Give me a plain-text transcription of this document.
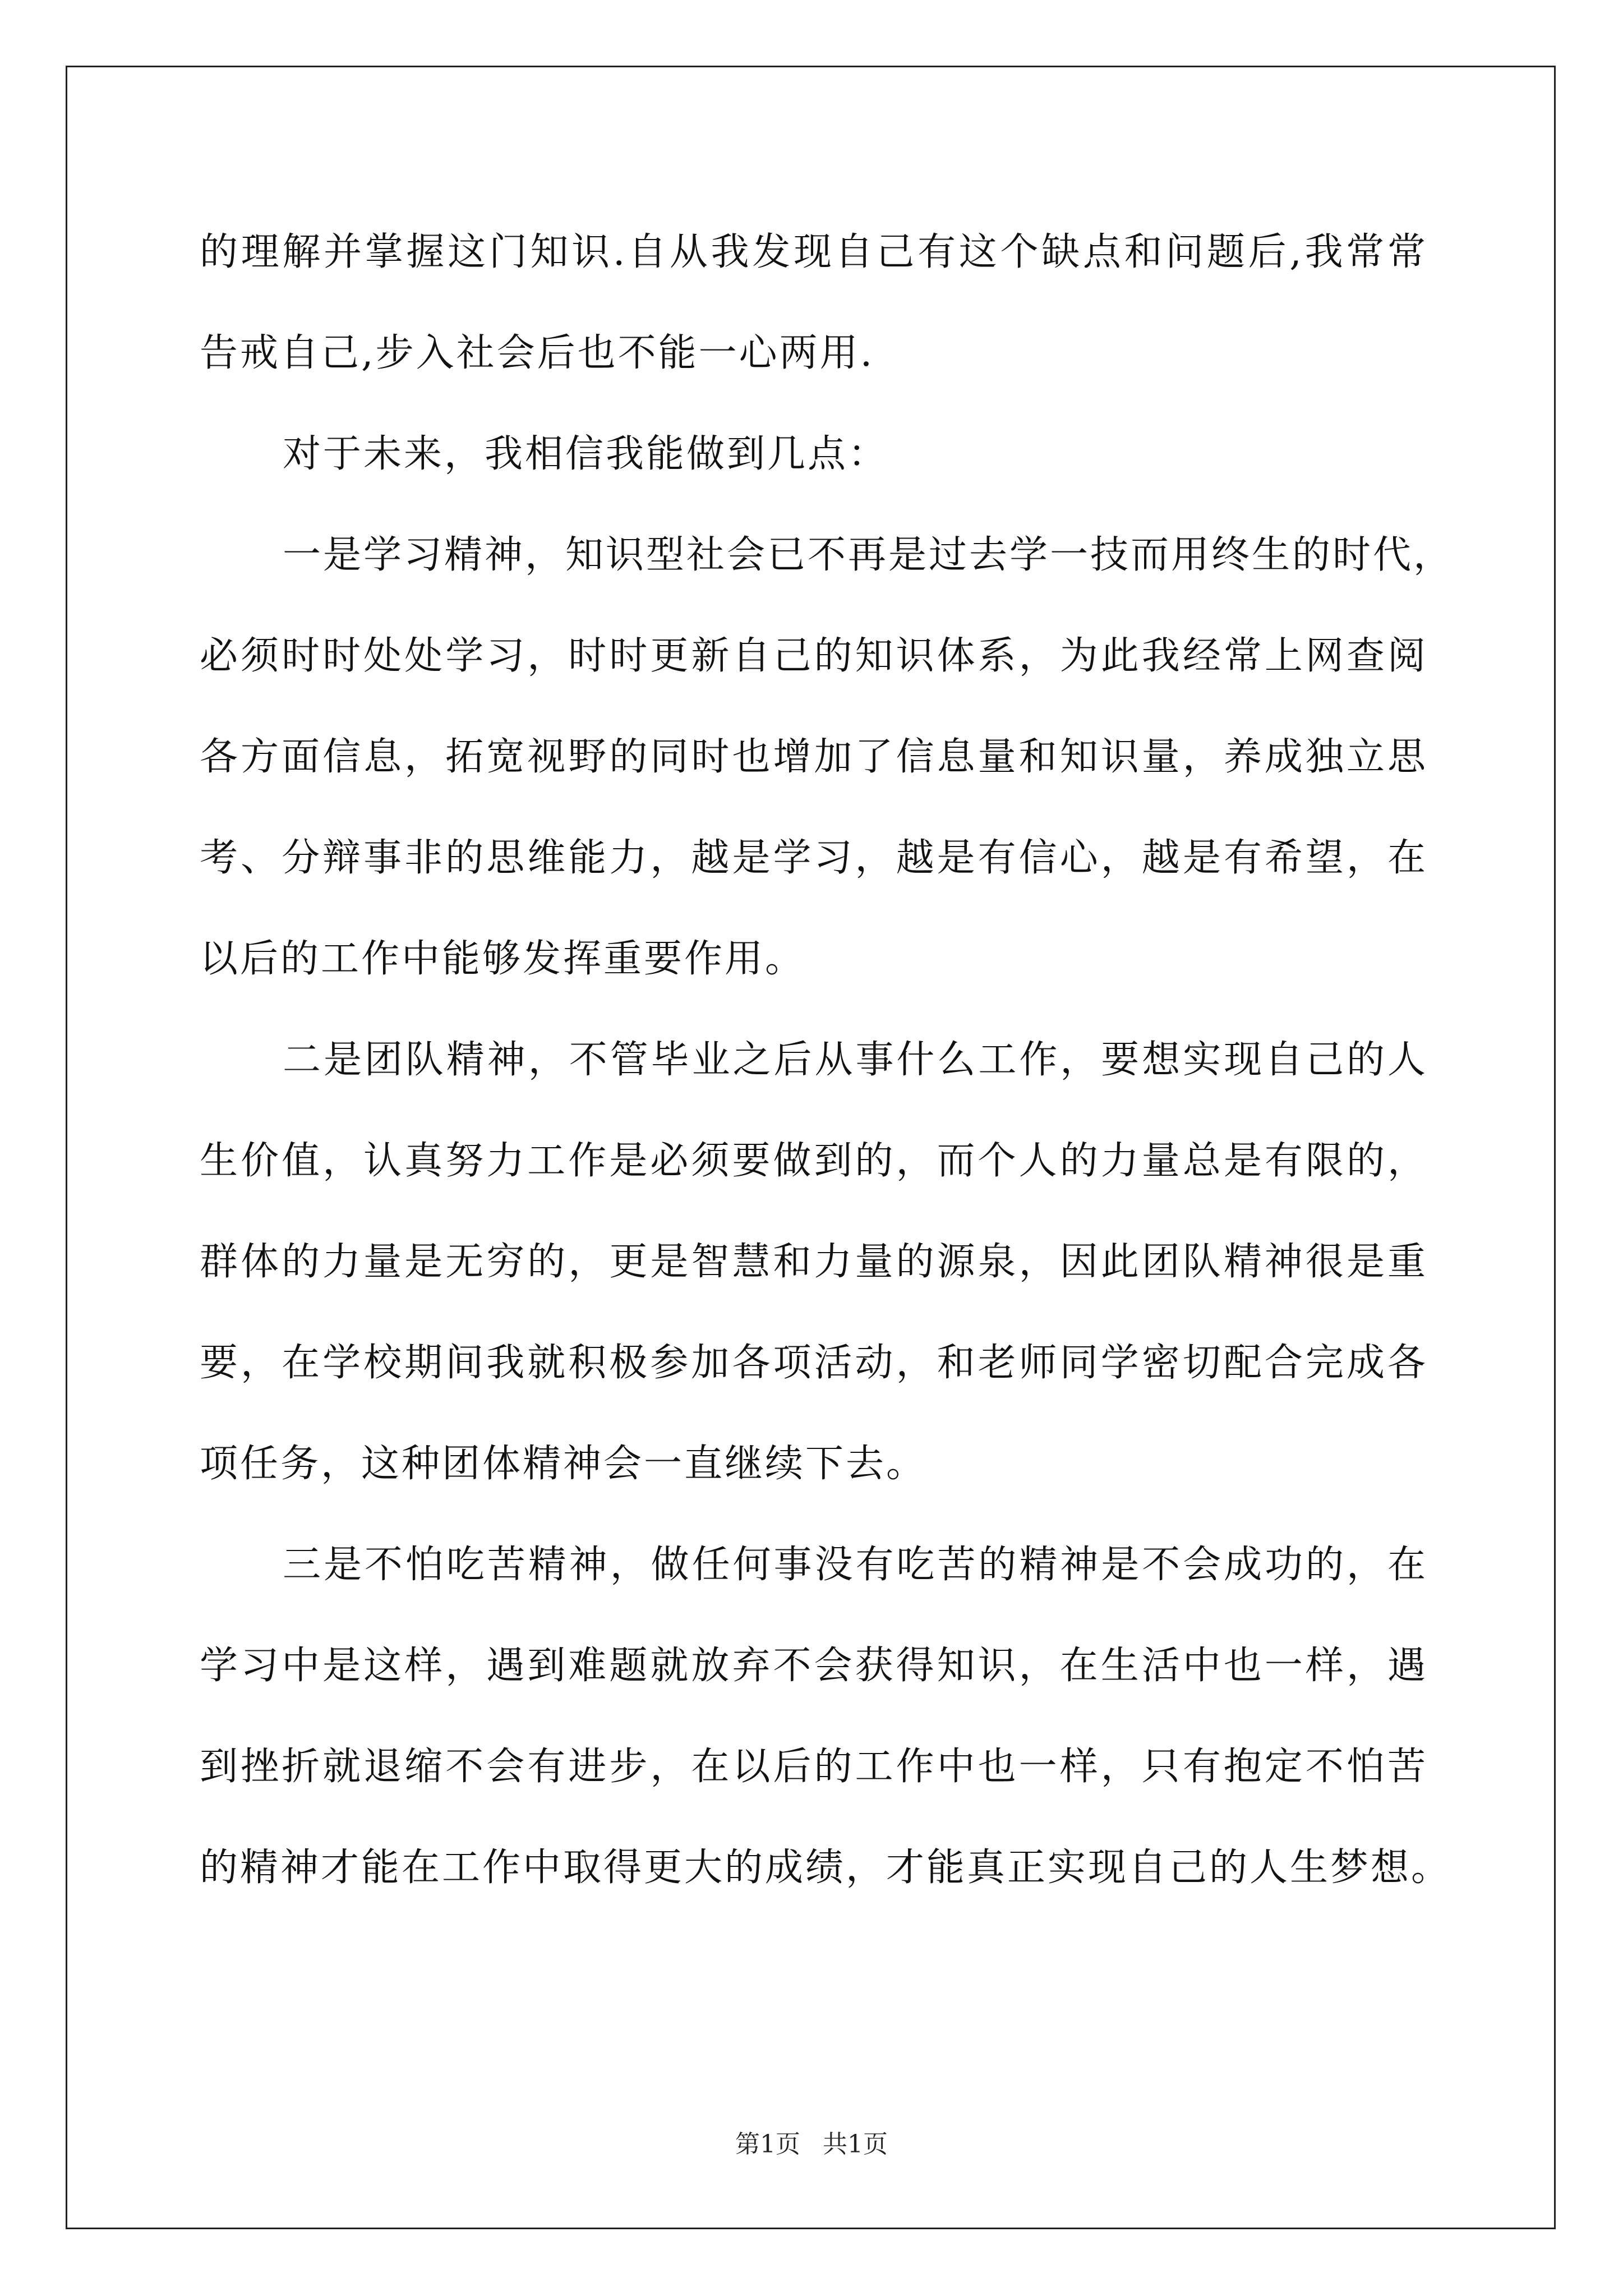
的理解并掌握这门知识.自从我发现自己有这个缺点和问题后,我常常
告戒自己,步入社会后也不能一心两用.
对于未来，我相信我能做到几点：
一是学习精神，知识型社会已不再是过去学一技而用终生的时代，
必须时时处处学习，时时更新自己的知识体系，为此我经常上网查阅
各方面信息，拓宽视野的同时也增加了信息量和知识量，养成独立思
考、分辩事非的思维能力，越是学习，越是有信心，越是有希望，在
以后的工作中能够发挥重要作用。
二是团队精神，不管毕业之后从事什么工作，要想实现自己的人
生价值，认真努力工作是必须要做到的，而个人的力量总是有限的，
群体的力量是无穷的，更是智慧和力量的源泉，因此团队精神很是重
要，在学校期间我就积极参加各项活动，和老师同学密切配合完成各
项任务，这种团体精神会一直继续下去。
三是不怕吃苦精神，做任何事没有吃苦的精神是不会成功的，在
学习中是这样，遇到难题就放弃不会获得知识，在生活中也一样，遇
到挫折就退缩不会有进步，在以后的工作中也一样，只有抱定不怕苦
的精神才能在工作中取得更大的成绩，才能真正实现自己的人生梦想。
第1页 共1页
